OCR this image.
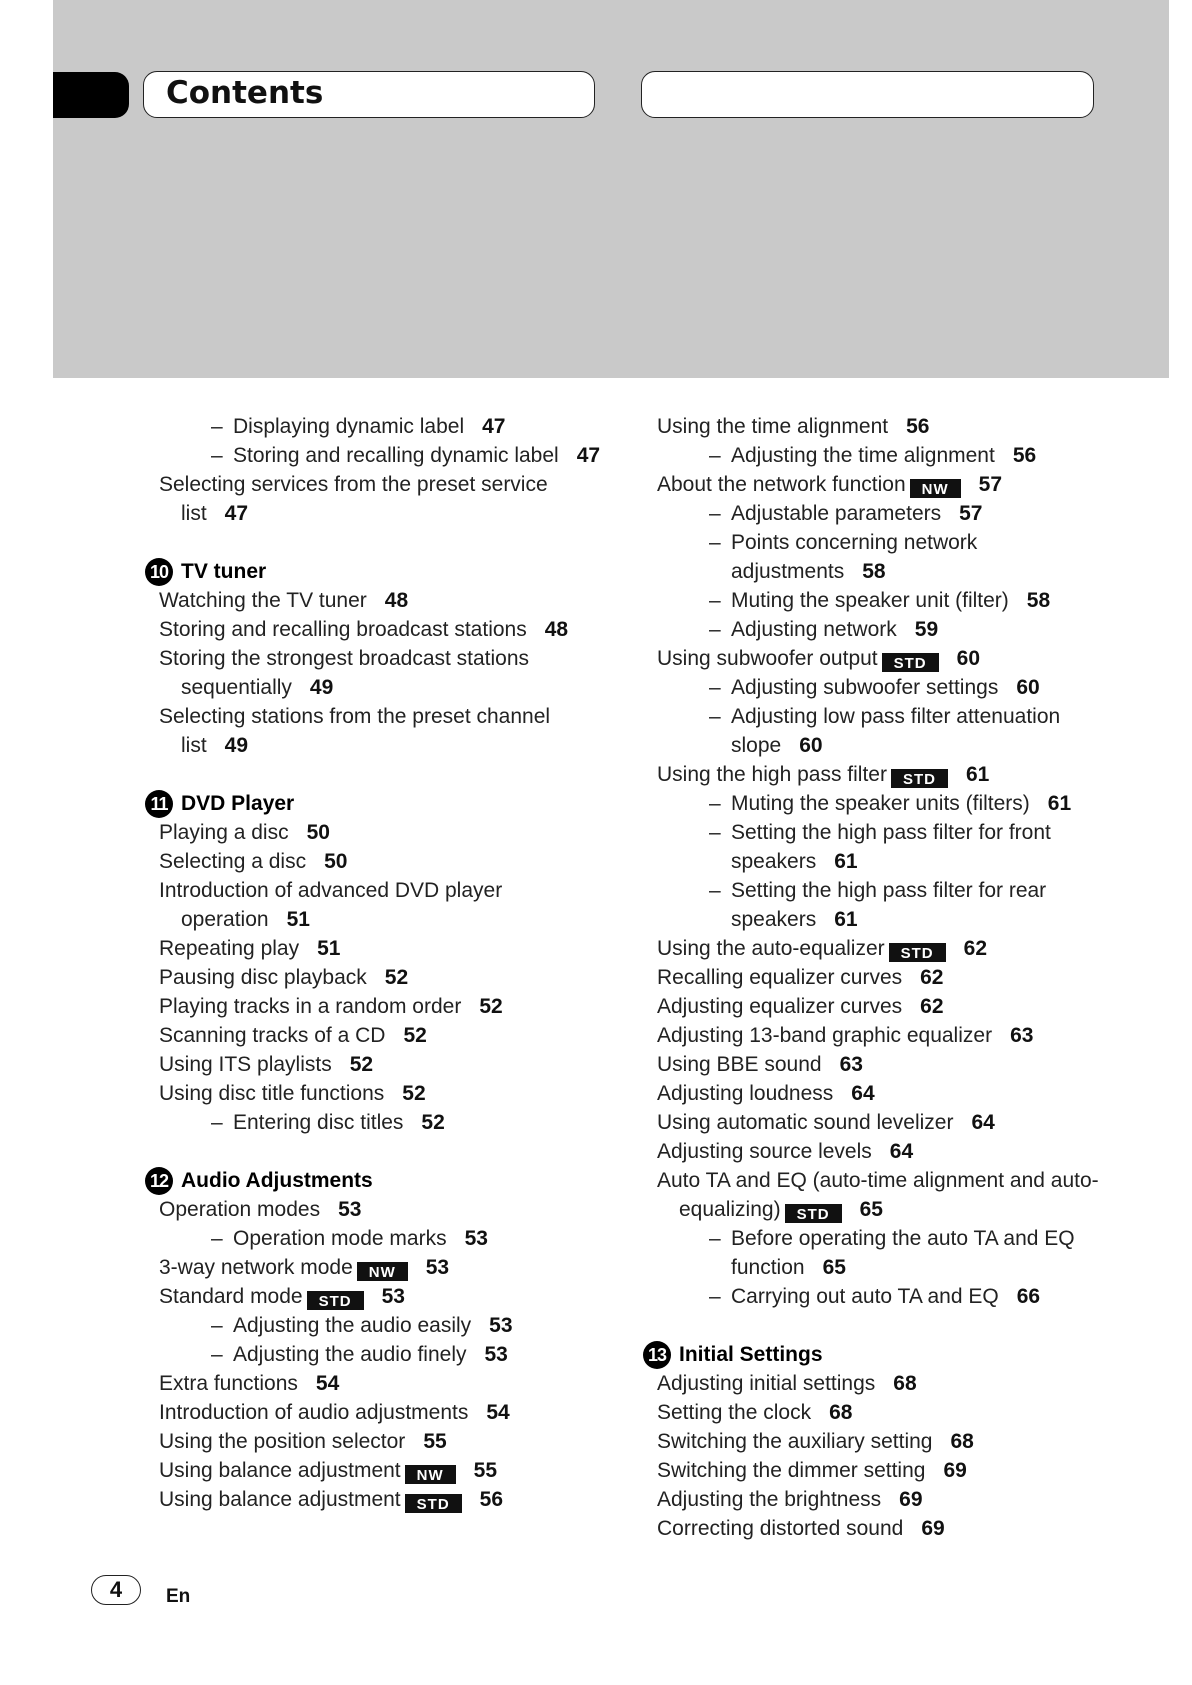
Contents
– Displaying dynamic label 47
– Storing and recalling dynamic label 47
Selecting services from the preset service list 47
10 TV tuner
Watching the TV tuner 48
Storing and recalling broadcast stations 48
Storing the strongest broadcast stations sequentially 49
Selecting stations from the preset channel list 49
11 DVD Player
Playing a disc 50
Selecting a disc 50
Introduction of advanced DVD player operation 51
Repeating play 51
Pausing disc playback 52
Playing tracks in a random order 52
Scanning tracks of a CD 52
Using ITS playlists 52
Using disc title functions 52
– Entering disc titles 52
12 Audio Adjustments
Operation modes 53
– Operation mode marks 53
3-way network mode NW 53
Standard mode STD 53
– Adjusting the audio easily 53
– Adjusting the audio finely 53
Extra functions 54
Introduction of audio adjustments 54
Using the position selector 55
Using balance adjustment NW 55
Using balance adjustment STD 56
Using the time alignment 56
– Adjusting the time alignment 56
About the network function NW 57
– Adjustable parameters 57
– Points concerning network adjustments 58
– Muting the speaker unit (filter) 58
– Adjusting network 59
Using subwoofer output STD 60
– Adjusting subwoofer settings 60
– Adjusting low pass filter attenuation slope 60
Using the high pass filter STD 61
– Muting the speaker units (filters) 61
– Setting the high pass filter for front speakers 61
– Setting the high pass filter for rear speakers 61
Using the auto-equalizer STD 62
Recalling equalizer curves 62
Adjusting equalizer curves 62
Adjusting 13-band graphic equalizer 63
Using BBE sound 63
Adjusting loudness 64
Using automatic sound levelizer 64
Adjusting source levels 64
Auto TA and EQ (auto-time alignment and auto-equalizing) STD 65
– Before operating the auto TA and EQ function 65
– Carrying out auto TA and EQ 66
13 Initial Settings
Adjusting initial settings 68
Setting the clock 68
Switching the auxiliary setting 68
Switching the dimmer setting 69
Adjusting the brightness 69
Correcting distorted sound 69
4	En
